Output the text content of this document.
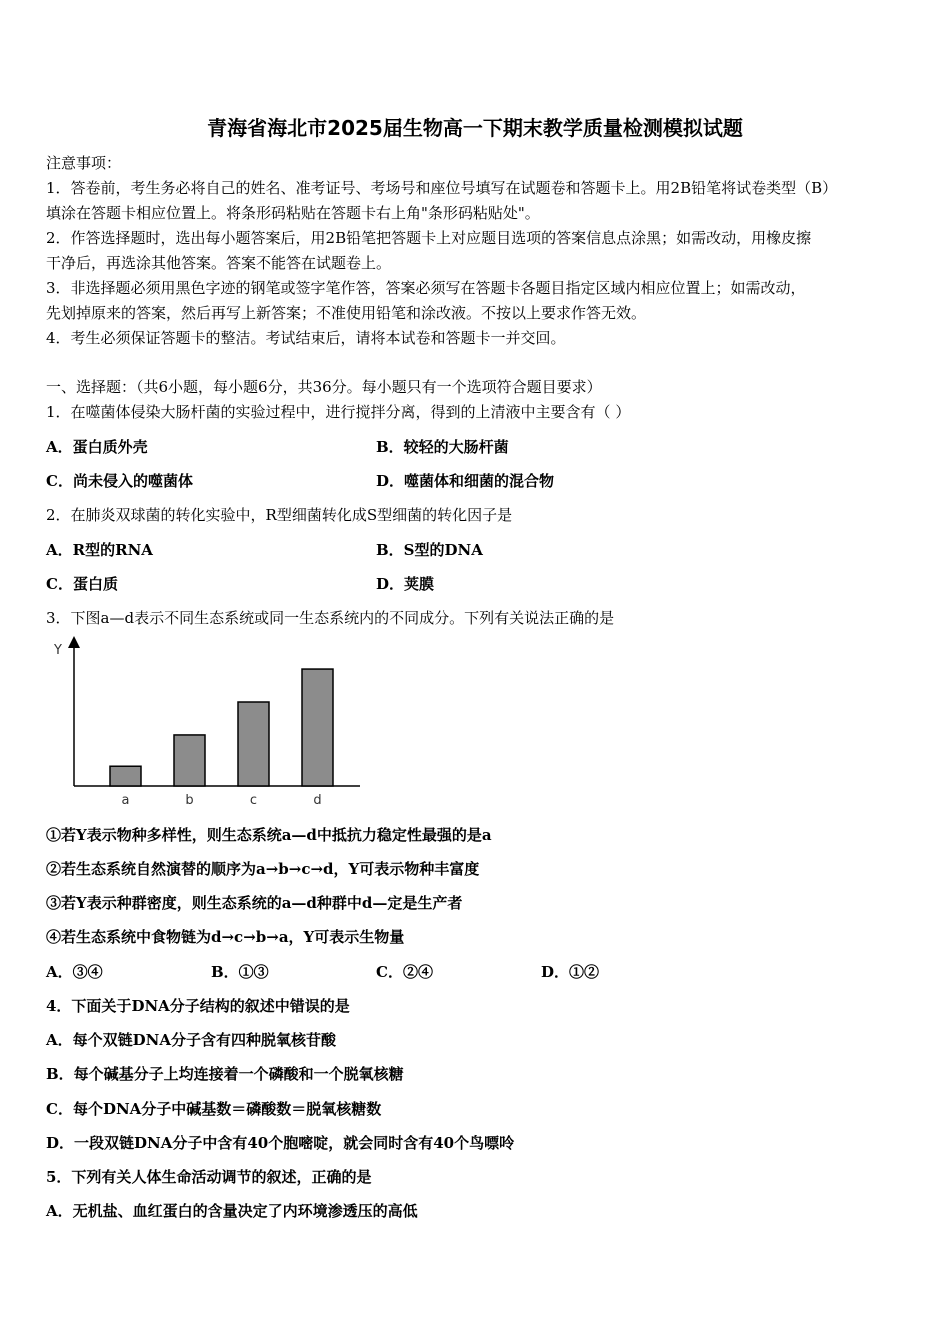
青海省海北市2025届生物高一下期末教学质量检测模拟试题
注意事项：
1．答卷前，考生务必将自己的姓名、准考证号、考场号和座位号填写在试题卷和答题卡上。用2B铅笔将试卷类型（B）
填涂在答题卡相应位置上。将条形码粘贴在答题卡右上角"条形码粘贴处"。
2．作答选择题时，选出每小题答案后，用2B铅笔把答题卡上对应题目选项的答案信息点涂黑；如需改动，用橡皮擦
干净后，再选涂其他答案。答案不能答在试题卷上。
3．非选择题必须用黑色字迹的钢笔或签字笔作答，答案必须写在答题卡各题目指定区域内相应位置上；如需改动，
先划掉原来的答案，然后再写上新答案；不准使用铅笔和涂改液。不按以上要求作答无效。
4．考生必须保证答题卡的整洁。考试结束后，请将本试卷和答题卡一并交回。
一、选择题：（共6小题，每小题6分，共36分。每小题只有一个选项符合题目要求）
1．在噬菌体侵染大肠杆菌的实验过程中，进行搅拌分离，得到的上清液中主要含有（ ）
A．蛋白质外壳	B．较轻的大肠杆菌
C．尚未侵入的噬菌体	D．噬菌体和细菌的混合物
2．在肺炎双球菌的转化实验中，R型细菌转化成S型细菌的转化因子是
A．R型的RNA	B．S型的DNA
C．蛋白质	D．荚膜
3．下图a—d表示不同生态系统或同一生态系统内的不同成分。下列有关说法正确的是
Y
a	b	c	d
①若Y表示物种多样性，则生态系统a—d中抵抗力稳定性最强的是a
②若生态系统自然演替的顺序为a→b→c→d，Y可表示物种丰富度
③若Y表示种群密度，则生态系统的a—d种群中d—定是生产者
④若生态系统中食物链为d→c→b→a，Y可表示生物量
A．③④	B．①③	C．②④	D．①②
4．下面关于DNA分子结构的叙述中错误的是
A．每个双链DNA分子含有四种脱氧核苷酸
B．每个碱基分子上均连接着一个磷酸和一个脱氧核糖
C．每个DNA分子中碱基数＝磷酸数＝脱氧核糖数
D．一段双链DNA分子中含有40个胞嘧啶，就会同时含有40个鸟嘌呤
5．下列有关人体生命活动调节的叙述，正确的是
A．无机盐、血红蛋白的含量决定了内环境渗透压的高低
